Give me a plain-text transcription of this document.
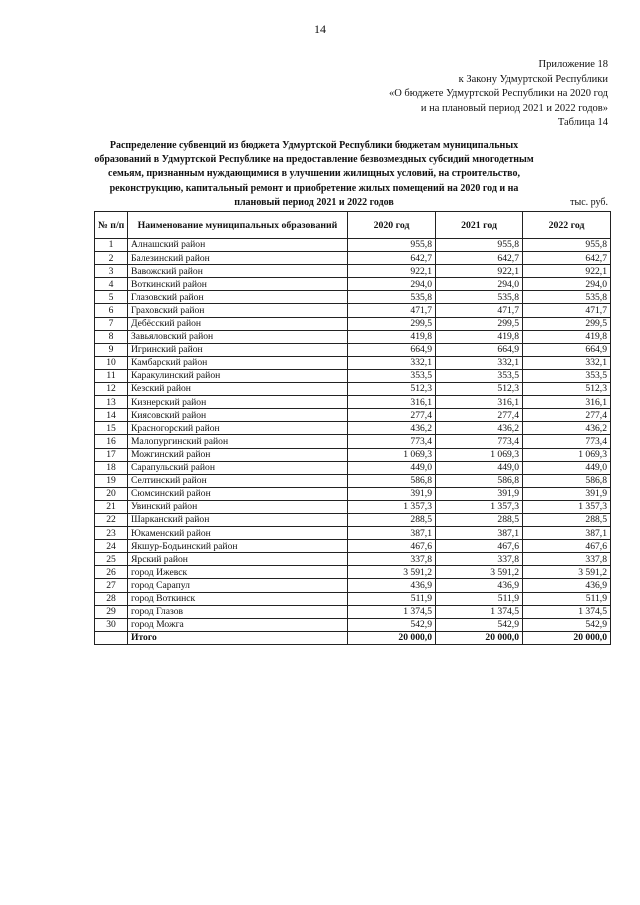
14
Приложение 18
к Закону Удмуртской Республики
«О бюджете Удмуртской Республики на 2020 год
и на плановый период 2021 и 2022 годов»
Таблица 14
Распределение субвенций из бюджета Удмуртской Республики бюджетам муниципальных образований в Удмуртской Республике на предоставление безвозмездных субсидий многодетным семьям, признанным нуждающимися в улучшении жилищных условий, на строительство, реконструкцию, капитальный ремонт и приобретение жилых помещений на 2020 год и на плановый период 2021 и 2022 годов	тыс. руб.
№ п/п	Наименование муниципальных образований	2020 год	2021 год	2022 год
1	Алнашский район	955,8	955,8	955,8
2	Балезинский район	642,7	642,7	642,7
3	Вавожский район	922,1	922,1	922,1
4	Воткинский район	294,0	294,0	294,0
5	Глазовский район	535,8	535,8	535,8
6	Граховский район	471,7	471,7	471,7
7	Дебёсский район	299,5	299,5	299,5
8	Завьяловский район	419,8	419,8	419,8
9	Игринский район	664,9	664,9	664,9
10	Камбарский район	332,1	332,1	332,1
11	Каракулинский район	353,5	353,5	353,5
12	Кезский район	512,3	512,3	512,3
13	Кизнерский район	316,1	316,1	316,1
14	Киясовский район	277,4	277,4	277,4
15	Красногорский район	436,2	436,2	436,2
16	Малопургинский район	773,4	773,4	773,4
17	Можгинский район	1 069,3	1 069,3	1 069,3
18	Сарапульский район	449,0	449,0	449,0
19	Селтинский район	586,8	586,8	586,8
20	Сюмсинский район	391,9	391,9	391,9
21	Увинский район	1 357,3	1 357,3	1 357,3
22	Шарканский район	288,5	288,5	288,5
23	Юкаменский район	387,1	387,1	387,1
24	Якшур-Бодьинский район	467,6	467,6	467,6
25	Ярский район	337,8	337,8	337,8
26	город Ижевск	3 591,2	3 591,2	3 591,2
27	город Сарапул	436,9	436,9	436,9
28	город Воткинск	511,9	511,9	511,9
29	город Глазов	1 374,5	1 374,5	1 374,5
30	город Можга	542,9	542,9	542,9
	Итого	20 000,0	20 000,0	20 000,0
